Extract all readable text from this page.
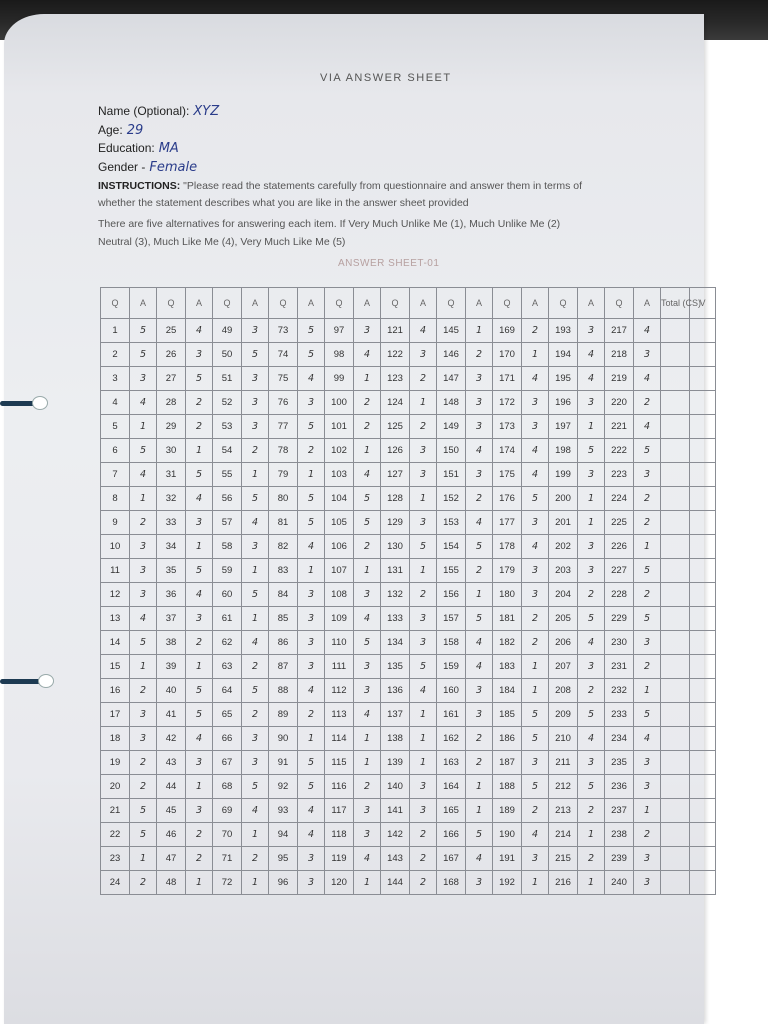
VIA ANSWER SHEET
Name (Optional): XYZ
Age: 29
Education: MA
Gender - Female
INSTRUCTIONS: "Please read the statements carefully from questionnaire and answer them in terms of
whether the statement describes what you are like in the answer sheet provided
There are five alternatives for answering each item. If Very Much Unlike Me (1), Much Unlike Me (2)
Neutral (3), Much Like Me (4), Very Much Like Me (5)
ANSWER SHEET-01
Q	A	Q	A	Q	A	Q	A	Q	A	Q	A	Q	A	Q	A	Q	A	Q	A	Total (CS)	V
1	5	25	4	49	3	73	5	97	3	121	4	145	1	169	2	193	3	217	4		
2	5	26	3	50	5	74	5	98	4	122	3	146	2	170	1	194	4	218	3		
3	3	27	5	51	3	75	4	99	1	123	2	147	3	171	4	195	4	219	4		
4	4	28	2	52	3	76	3	100	2	124	1	148	3	172	3	196	3	220	2		
5	1	29	2	53	3	77	5	101	2	125	2	149	3	173	3	197	1	221	4		
6	5	30	1	54	2	78	2	102	1	126	3	150	4	174	4	198	5	222	5		
7	4	31	5	55	1	79	1	103	4	127	3	151	3	175	4	199	3	223	3		
8	1	32	4	56	5	80	5	104	5	128	1	152	2	176	5	200	1	224	2		
9	2	33	3	57	4	81	5	105	5	129	3	153	4	177	3	201	1	225	2		
10	3	34	1	58	3	82	4	106	2	130	5	154	5	178	4	202	3	226	1		
11	3	35	5	59	1	83	1	107	1	131	1	155	2	179	3	203	3	227	5		
12	3	36	4	60	5	84	3	108	3	132	2	156	1	180	3	204	2	228	2		
13	4	37	3	61	1	85	3	109	4	133	3	157	5	181	2	205	5	229	5		
14	5	38	2	62	4	86	3	110	5	134	3	158	4	182	2	206	4	230	3		
15	1	39	1	63	2	87	3	111	3	135	5	159	4	183	1	207	3	231	2		
16	2	40	5	64	5	88	4	112	3	136	4	160	3	184	1	208	2	232	1		
17	3	41	5	65	2	89	2	113	4	137	1	161	3	185	5	209	5	233	5		
18	3	42	4	66	3	90	1	114	1	138	1	162	2	186	5	210	4	234	4		
19	2	43	3	67	3	91	5	115	1	139	1	163	2	187	3	211	3	235	3		
20	2	44	1	68	5	92	5	116	2	140	3	164	1	188	5	212	5	236	3		
21	5	45	3	69	4	93	4	117	3	141	3	165	1	189	2	213	2	237	1		
22	5	46	2	70	1	94	4	118	3	142	2	166	5	190	4	214	1	238	2		
23	1	47	2	71	2	95	3	119	4	143	2	167	4	191	3	215	2	239	3		
24	2	48	1	72	1	96	3	120	1	144	2	168	3	192	1	216	1	240	3		
